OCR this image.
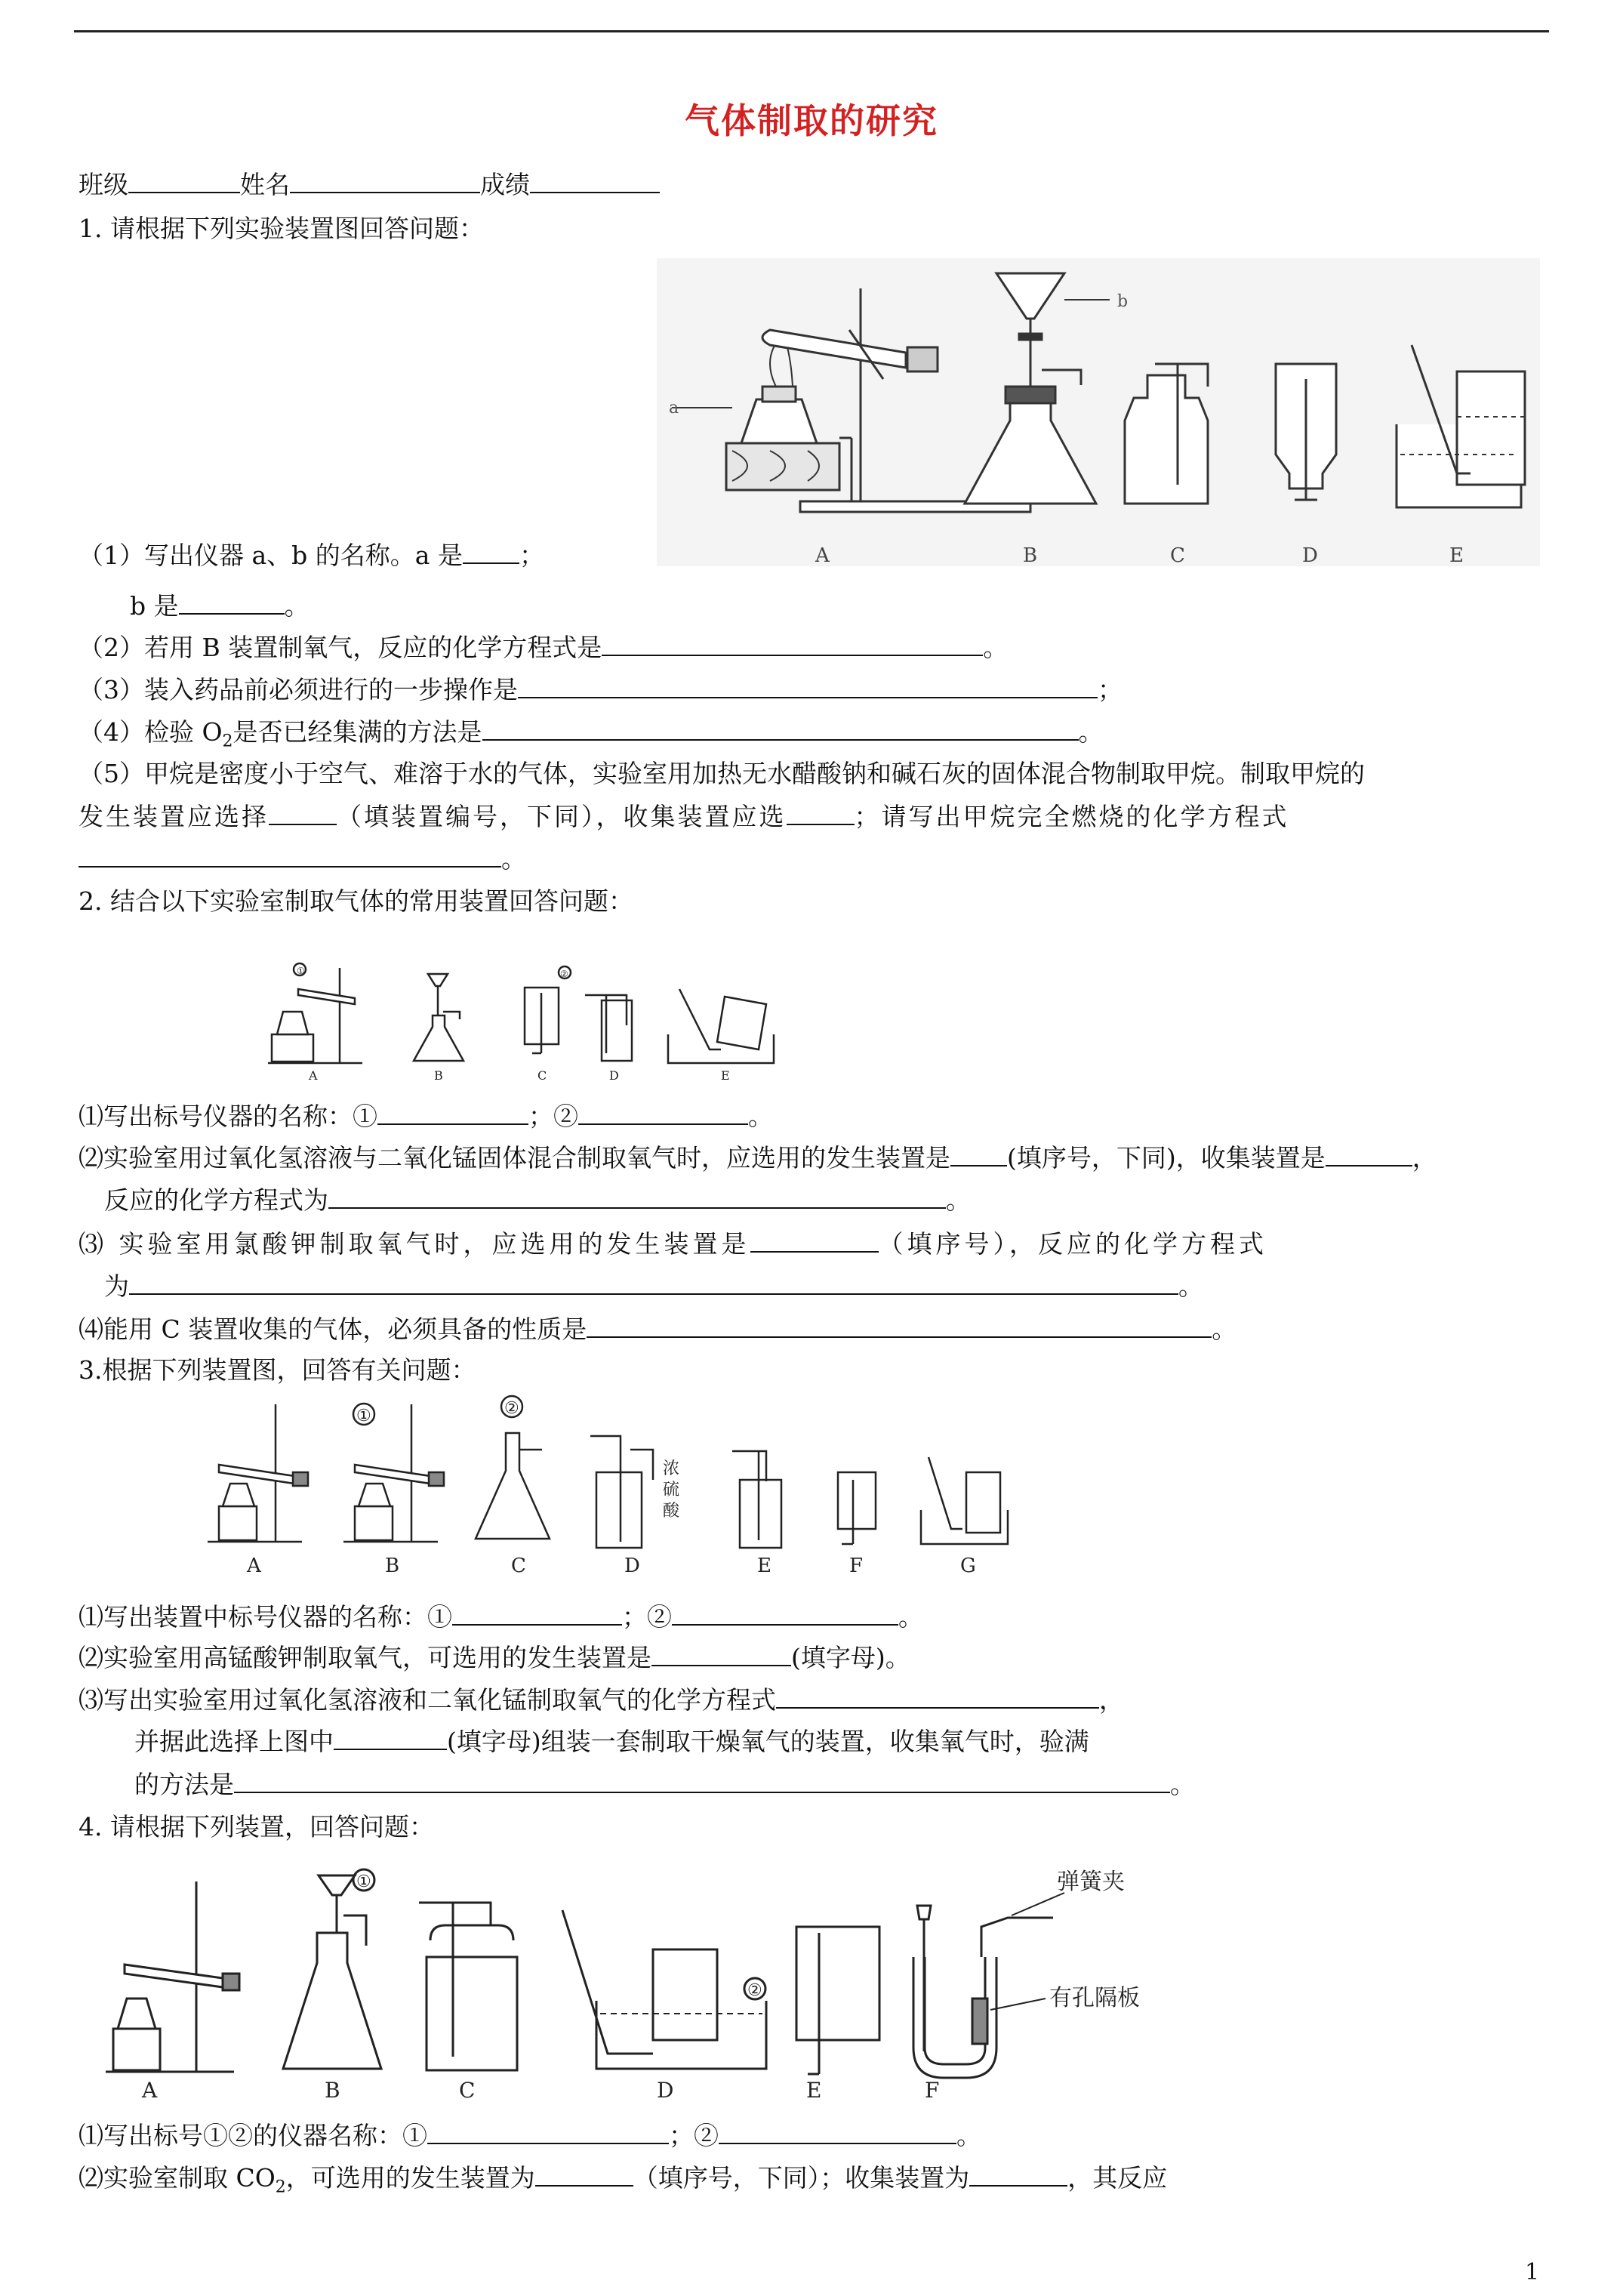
气体制取的研究
班级	姓名	成绩
1. 请根据下列实验装置图回答问题：
a
b
A	B	C	D	E
（1）写出仪器 a、b 的名称。a 是 ；
b 是	。
（2）若用 B 装置制氧气，反应的化学方程式是	。
（3）装入药品前必须进行的一步操作是	；
（4）检验 $O_2$是否已经集满的方法是	。
（5）甲烷是密度小于空气、难溶于水的气体，实验室用加热无水醋酸钠和碱石灰的固体混合物制取甲烷。制取甲烷的
发生装置应选择	（填装置编号，下同），收集装置应选	；请写出甲烷完全燃烧的化学方程式
。
2. 结合以下实验室制取气体的常用装置回答问题：
①	②
A	B	C	D	E
⑴写出标号仪器的名称：①	；②	。
⑵实验室用过氧化氢溶液与二氧化锰固体混合制取氧气时，应选用的发生装置是 (填序号，下同)，收集装置是	，
反应的化学方程式为	。
⑶ 实验室用氯酸钾制取氧气时，应选用的发生装置是	（填序号），反应的化学方程式
为	。
⑷能用 C 装置收集的气体，必须具备的性质是	。
3.根据下列装置图，回答有关问题：
①	②
浓
硫
酸
A	B	C	D	E	F	G
⑴写出装置中标号仪器的名称：①	；②	。
⑵实验室用高锰酸钾制取氧气，可选用的发生装置是	(填字母)。
⑶写出实验室用过氧化氢溶液和二氧化锰制取氧气的化学方程式	，
并据此选择上图中	(填字母)组装一套制取干燥氧气的装置，收集氧气时，验满
的方法是	。
4. 请根据下列装置，回答问题：
①
②
弹簧夹
有孔隔板
A	B	C	D	E	F
⑴写出标号①②的仪器名称：①	；②	。
⑵实验室制取 $CO_2$，可选用的发生装置为	（填序号，下同）；收集装置为	，其反应
1
